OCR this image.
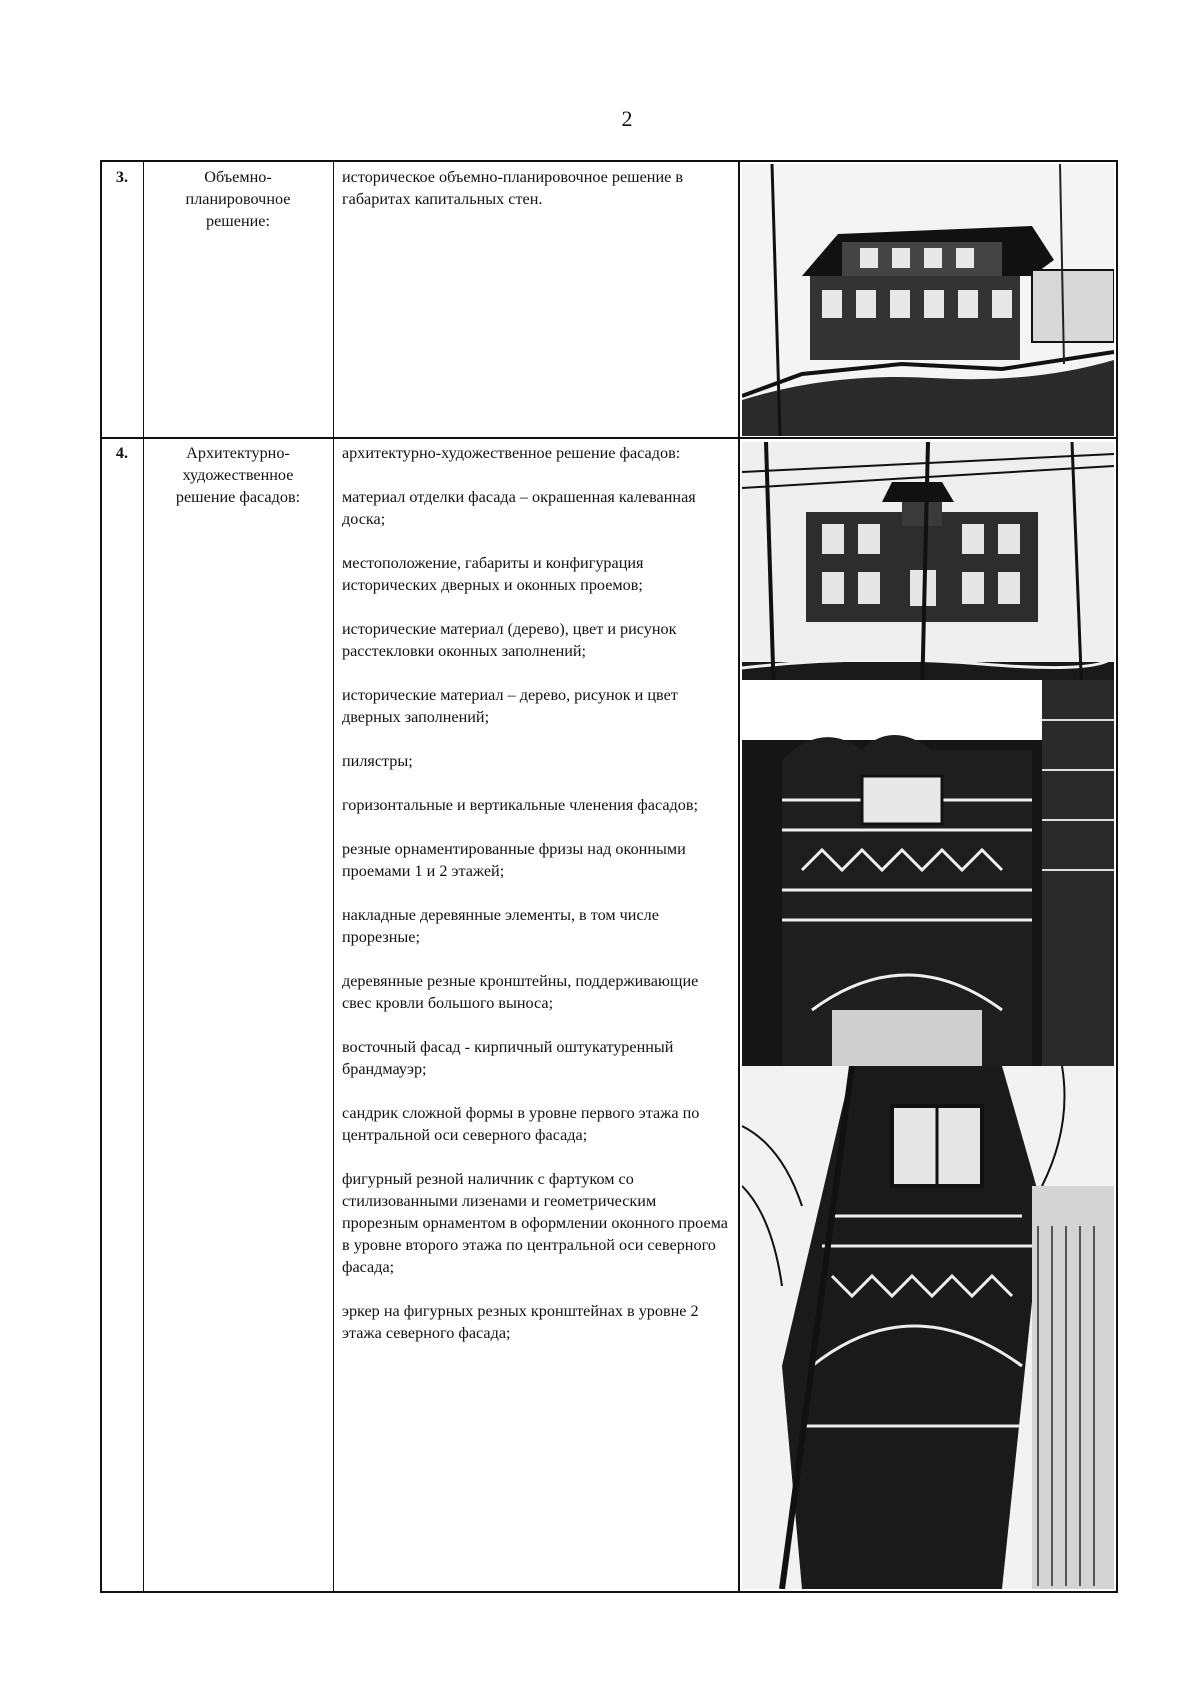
2
3.	Объемно-планировочное решение:

историческое объемно-планировочное решение в габаритах капитальных стен.

4.	Архитектурно-художественное решение фасадов:

архитектурно-художественное решение фасадов:

материал отделки фасада – окрашенная калеванная доска;

местоположение, габариты и конфигурация исторических дверных и оконных проемов;

исторические материал (дерево), цвет и рисунок расстекловки оконных заполнений;

исторические материал – дерево, рисунок и цвет дверных заполнений;

пилястры;

горизонтальные и вертикальные членения фасадов;

резные орнаментированные фризы над оконными проемами 1 и 2 этажей;

накладные деревянные элементы, в том числе прорезные;

деревянные резные кронштейны, поддерживающие свес кровли большого выноса;

восточный фасад - кирпичный оштукатуренный брандмауэр;

сандрик сложной формы в уровне первого этажа по центральной оси северного фасада;

фигурный резной наличник с фартуком со стилизованными лизенами и геометрическим прорезным орнаментом в оформлении оконного проема в уровне второго этажа по центральной оси северного фасада;

эркер на фигурных резных кронштейнах в уровне 2 этажа северного фасада;
